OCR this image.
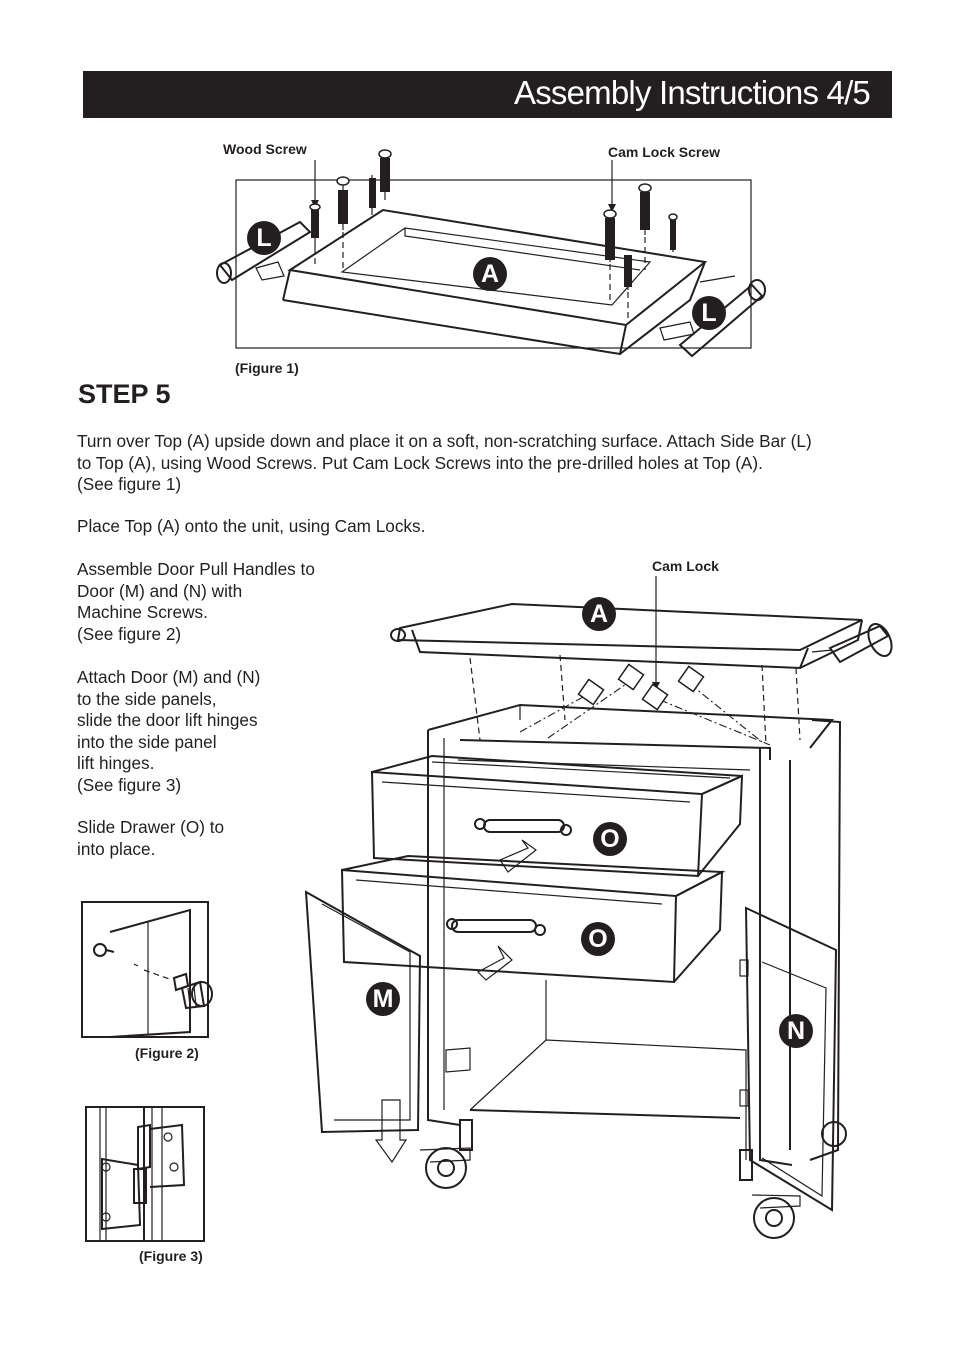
Assembly Instructions 4/5
Wood Screw	Cam Lock Screw
L
A
L
(Figure 1)
STEP 5
Turn over Top (A) upside down and place it on a soft, non-scratching surface. Attach Side Bar (L)
to Top (A), using Wood Screws. Put Cam Lock Screws into the pre-drilled holes at Top (A).
(See figure 1)
Place Top (A) onto the unit, using Cam Locks.
Assemble Door Pull Handles to
Door (M) and (N) with
Machine Screws.
(See figure 2)
Attach Door (M) and (N)
to the side panels,
slide the door lift hinges
into the side panel
lift hinges.
(See figure 3)
Slide Drawer (O) to
into place.
(Figure 2)
(Figure 3)
Cam Lock
A
O
O
M
N
